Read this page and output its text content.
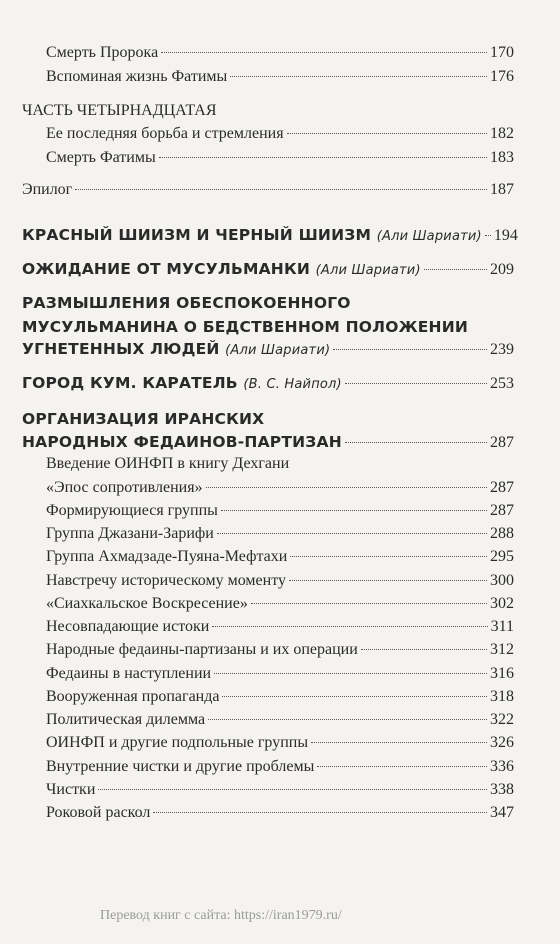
Смерть Пророка	170
Вспоминая жизнь Фатимы	176
ЧАСТЬ ЧЕТЫРНАДЦАТАЯ
Ее последняя борьба и стремления	182
Смерть Фатимы	183
Эпилог	187
КРАСНЫЙ ШИИЗМ И ЧЕРНЫЙ ШИИЗМ (Али Шариати) 194
ОЖИДАНИЕ ОТ МУСУЛЬМАНКИ (Али Шариати)	209
РАЗМЫШЛЕНИЯ ОБЕСПОКОЕННОГО
МУСУЛЬМАНИНА О БЕДСТВЕННОМ ПОЛОЖЕНИИ
УГНЕТЕННЫХ ЛЮДЕЙ (Али Шариати)	239
ГОРОД КУМ. КАРАТЕЛЬ (В. С. Найпол)	253
ОРГАНИЗАЦИЯ ИРАНСКИХ
НАРОДНЫХ ФЕДАИНОВ-ПАРТИЗАН	287
Введение ОИНФП в книгу Дехгани
«Эпос сопротивления»	287
Формирующиеся группы	287
Группа Джазани-Зарифи	288
Группа Ахмадзаде-Пуяна-Мефтахи	295
Навстречу историческому моменту	300
«Сиахкальское Воскресение»	302
Несовпадающие истоки	311
Народные федаины-партизаны и их операции	312
Федаины в наступлении	316
Вооруженная пропаганда	318
Политическая дилемма	322
ОИНФП и другие подпольные группы	326
Внутренние чистки и другие проблемы	336
Чистки	338
Роковой раскол	347
Перевод книг с сайта: https://iran1979.ru/
